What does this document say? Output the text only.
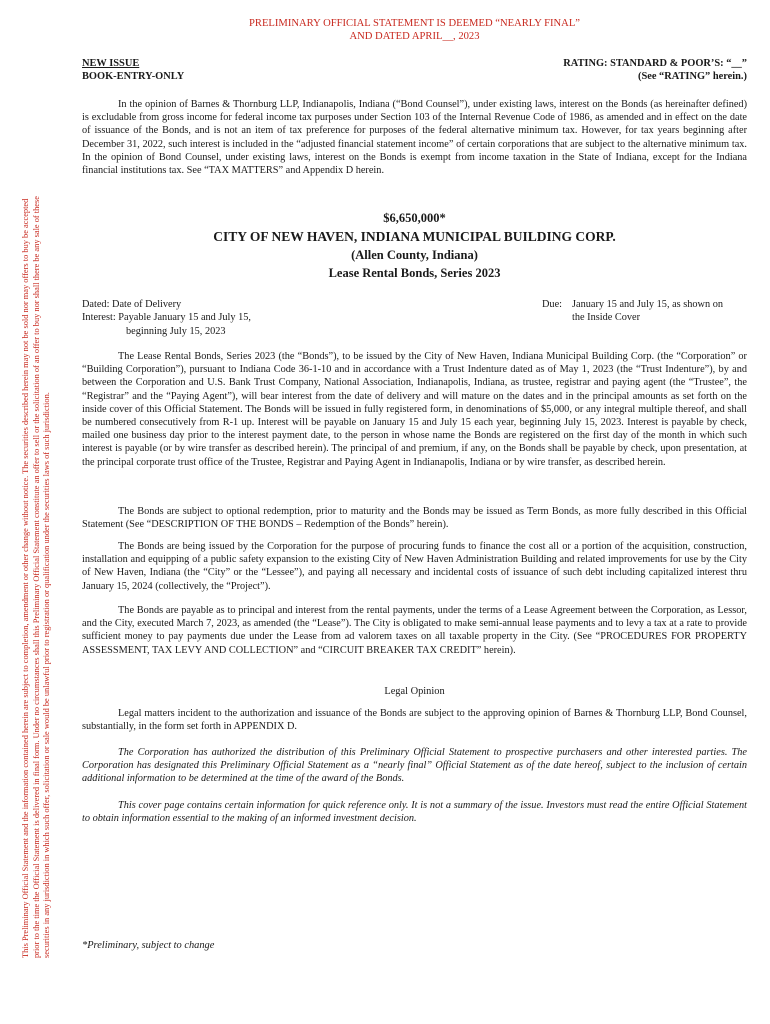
This Preliminary Official Statement and the information contained herein are subject to completion, amendment or other change without notice. The securities described herein may not be sold nor may offers to buy be accepted prior to the time the Official Statement is delivered in final form. Under no circumstances shall this Preliminary Official Statement constitute an offer to sell or the solicitation of an offer to buy nor shall there be any sale of these securities in any jurisdiction in which such offer, solicitation or sale would be unlawful prior to registration or qualification under the securities laws of such jurisdiction.
PRELIMINARY OFFICIAL STATEMENT IS DEEMED “NEARLY FINAL”
AND DATED APRIL__, 2023
NEW ISSUE
BOOK-ENTRY-ONLY
RATING: STANDARD & POOR’S: “__”
(See “RATING” herein.)

In the opinion of Barnes & Thornburg LLP, Indianapolis, Indiana (“Bond Counsel”), under existing laws, interest on the Bonds (as hereinafter defined) is excludable from gross income for federal income tax purposes under Section 103 of the Internal Revenue Code of 1986, as amended and in effect on the date of issuance of the Bonds, and is not an item of tax preference for purposes of the federal alternative minimum tax. However, for tax years beginning after December 31, 2022, such interest is included in the “adjusted financial statement income” of certain corporations that are subject to the alternative minimum tax. In the opinion of Bond Counsel, under existing laws, interest on the Bonds is exempt from income taxation in the State of Indiana, except for the Indiana financial institutions tax. See “TAX MATTERS” and Appendix D herein.

$6,650,000*
CITY OF NEW HAVEN, INDIANA MUNICIPAL BUILDING CORP.
(Allen County, Indiana)
Lease Rental Bonds, Series 2023
Dated: Date of Delivery
Interest: Payable January 15 and July 15,
beginning July 15, 2023
Due: January 15 and July 15, as shown on
the Inside Cover

The Lease Rental Bonds, Series 2023 (the “Bonds”), to be issued by the City of New Haven, Indiana Municipal Building Corp. (the “Corporation” or “Building Corporation”), pursuant to Indiana Code 36-1-10 and in accordance with a Trust Indenture dated as of May 1, 2023 (the “Trust Indenture”), by and between the Corporation and U.S. Bank Trust Company, National Association, Indianapolis, Indiana, as trustee, registrar and paying agent (the “Trustee”, the “Registrar” and the “Paying Agent”), will bear interest from the date of delivery and will mature on the dates and in the principal amounts as set forth on the inside cover of this Official Statement. The Bonds will be issued in fully registered form, in denominations of $5,000, or any integral multiple thereof, and shall be numbered consecutively from R-1 up. Interest will be payable on January 15 and July 15 each year, beginning July 15, 2023. Interest is payable by check, mailed one business day prior to the interest payment date, to the person in whose name the Bonds are registered on the first day of the month in which such interest is payable (or by wire transfer as described herein). The principal of and premium, if any, on the Bonds shall be payable by check, upon presentation, at the principal corporate trust office of the Trustee, Registrar and Paying Agent in Indianapolis, Indiana or by wire transfer, as described herein.

The Bonds are subject to optional redemption, prior to maturity and the Bonds may be issued as Term Bonds, as more fully described in this Official Statement (See “DESCRIPTION OF THE BONDS – Redemption of the Bonds” herein).

The Bonds are being issued by the Corporation for the purpose of procuring funds to finance the cost all or a portion of the acquisition, construction, installation and equipping of a public safety expansion to the existing City of New Haven Administration Building and related improvements for use by the City of New Haven, Indiana (the “City” or the “Lessee”), and paying all necessary and incidental costs of issuance of such debt including capitalized interest thru January 15, 2024 (collectively, the “Project”).

The Bonds are payable as to principal and interest from the rental payments, under the terms of a Lease Agreement between the Corporation, as Lessor, and the City, executed March 7, 2023, as amended (the “Lease”). The City is obligated to make semi-annual lease payments and to levy a tax at a rate to provide sufficient money to pay payments due under the Lease from ad valorem taxes on all taxable property in the City. (See “PROCEDURES FOR PROPERTY ASSESSMENT, TAX LEVY AND COLLECTION” and “CIRCUIT BREAKER TAX CREDIT” herein).

Legal Opinion

Legal matters incident to the authorization and issuance of the Bonds are subject to the approving opinion of Barnes & Thornburg LLP, Bond Counsel, substantially, in the form set forth in APPENDIX D.

The Corporation has authorized the distribution of this Preliminary Official Statement to prospective purchasers and other interested parties. The Corporation has designated this Preliminary Official Statement as a “nearly final” Official Statement as of the date hereof, subject to the inclusion of certain additional information to be determined at the time of the award of the Bonds.

This cover page contains certain information for quick reference only. It is not a summary of the issue. Investors must read the entire Official Statement to obtain information essential to the making of an informed investment decision.

*Preliminary, subject to change
